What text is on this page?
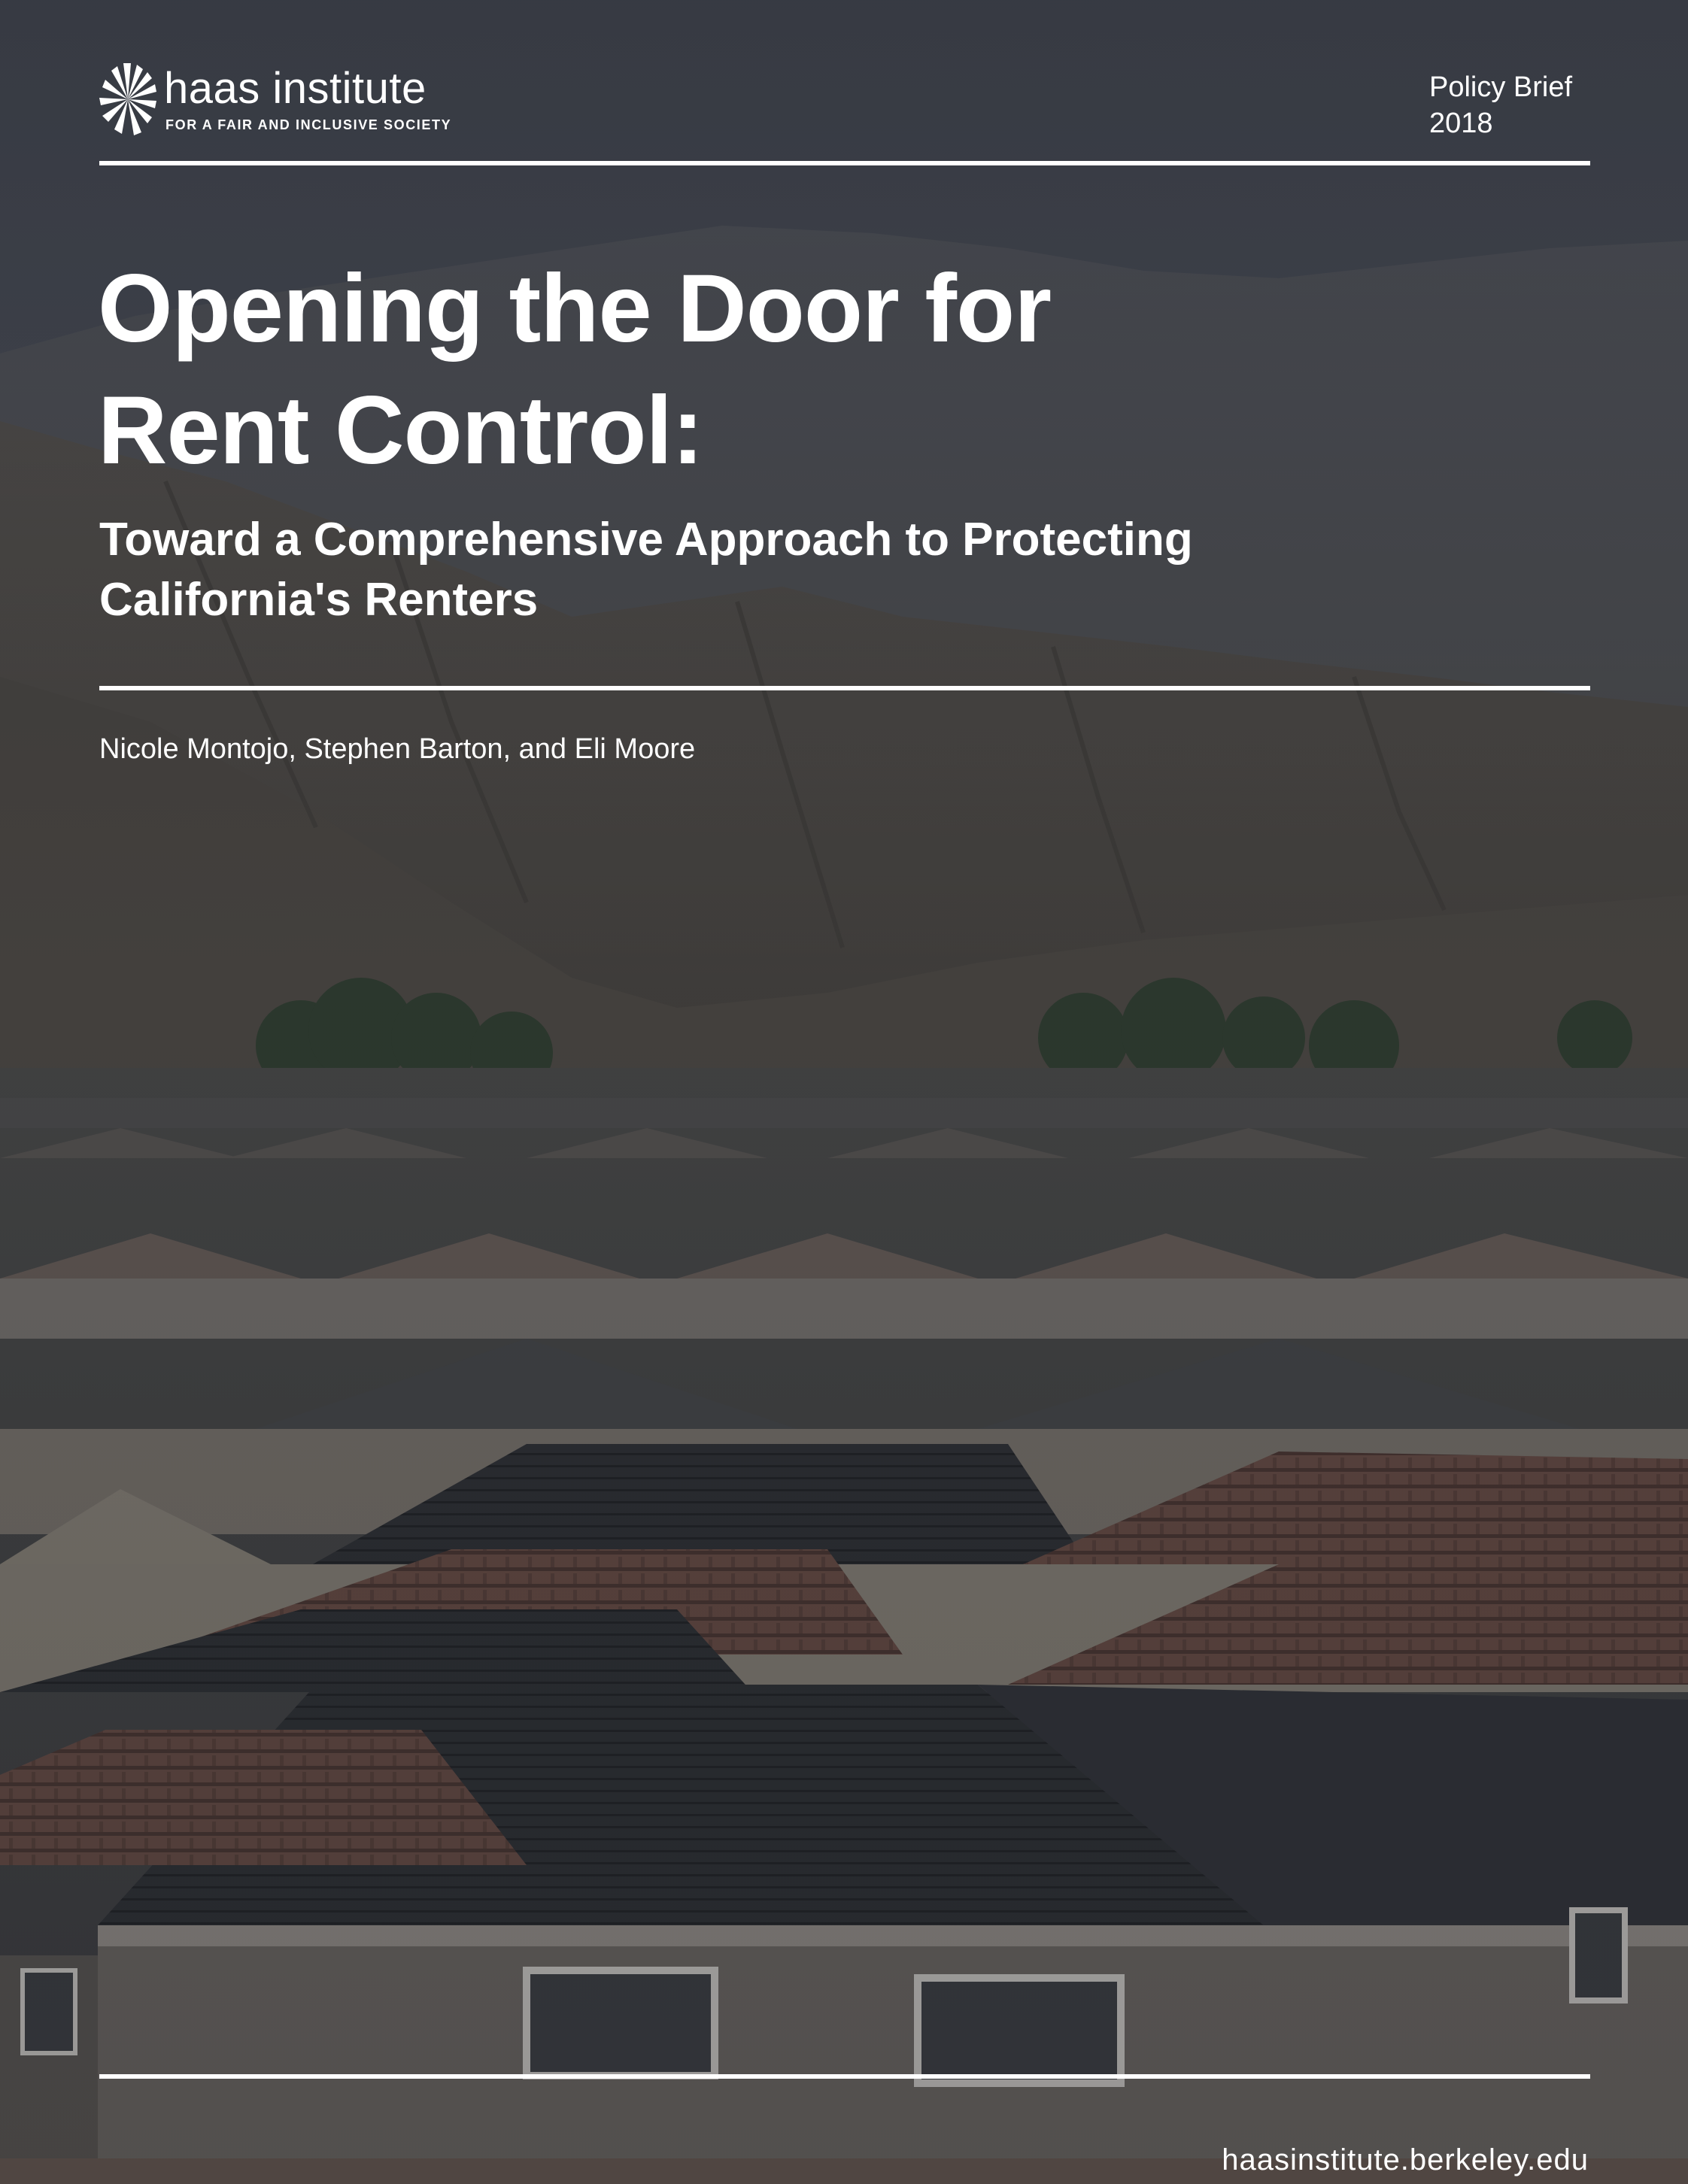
haas institute
FOR A FAIR AND INCLUSIVE SOCIETY
Policy Brief
2018
Opening the Door for
Rent Control:
Toward a Comprehensive Approach to Protecting
California's Renters
Nicole Montojo, Stephen Barton, and Eli Moore
haasinstitute.berkeley.edu
